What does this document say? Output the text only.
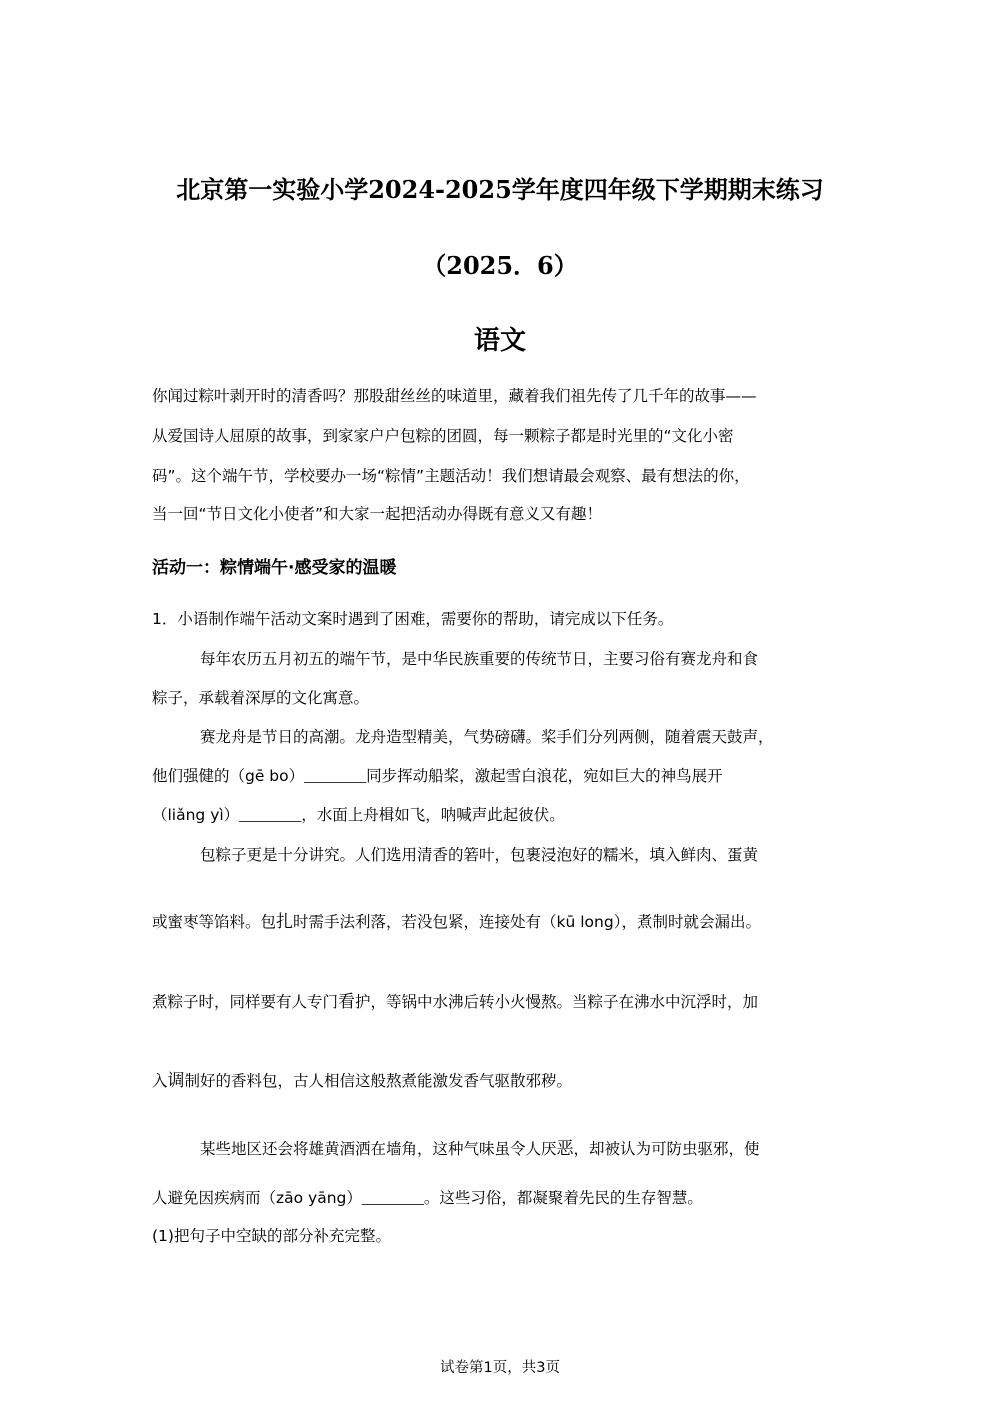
北京第一实验小学2024-2025学年度四年级下学期期末练习
（2025．6）
语文
你闻过粽叶剥开时的清香吗？那股甜丝丝的味道里，藏着我们祖先传了几千年的故事——
从爱国诗人屈原的故事，到家家户户包粽的团圆，每一颗粽子都是时光里的“文化小密
码”。这个端午节，学校要办一场“粽情”主题活动！我们想请最会观察、最有想法的你，
当一回“节日文化小使者”和大家一起把活动办得既有意义又有趣！
活动一：粽情端午·感受家的温暖
1．小语制作端午活动文案时遇到了困难，需要你的帮助，请完成以下任务。
每年农历五月初五的端午节，是中华民族重要的传统节日，主要习俗有赛龙舟和食
粽子，承载着深厚的文化寓意。
赛龙舟是节日的高潮。龙舟造型精美，气势磅礴。桨手们分列两侧，随着震天鼓声，
他们强健的（gē bo）________同步挥动船桨，激起雪白浪花，宛如巨大的神鸟展开
（liǎng yì）________，水面上舟楫如飞，呐喊声此起彼伏。
包粽子更是十分讲究。人们选用清香的箬叶，包裹浸泡好的糯米，填入鲜肉、蛋黄
或蜜枣等馅料。包扎时需手法利落，若没包紧，连接处有（kū long），煮制时就会漏出。
煮粽子时，同样要有人专门看护，等锅中水沸后转小火慢熬。当粽子在沸水中沉浮时，加
入调制好的香料包，古人相信这般熬煮能激发香气驱散邪秽。
某些地区还会将雄黄酒洒在墙角，这种气味虽令人厌恶，却被认为可防虫驱邪，使
人避免因疾病而（zāo yāng）________。这些习俗，都凝聚着先民的生存智慧。
(1)把句子中空缺的部分补充完整。
试卷第1页，共3页
